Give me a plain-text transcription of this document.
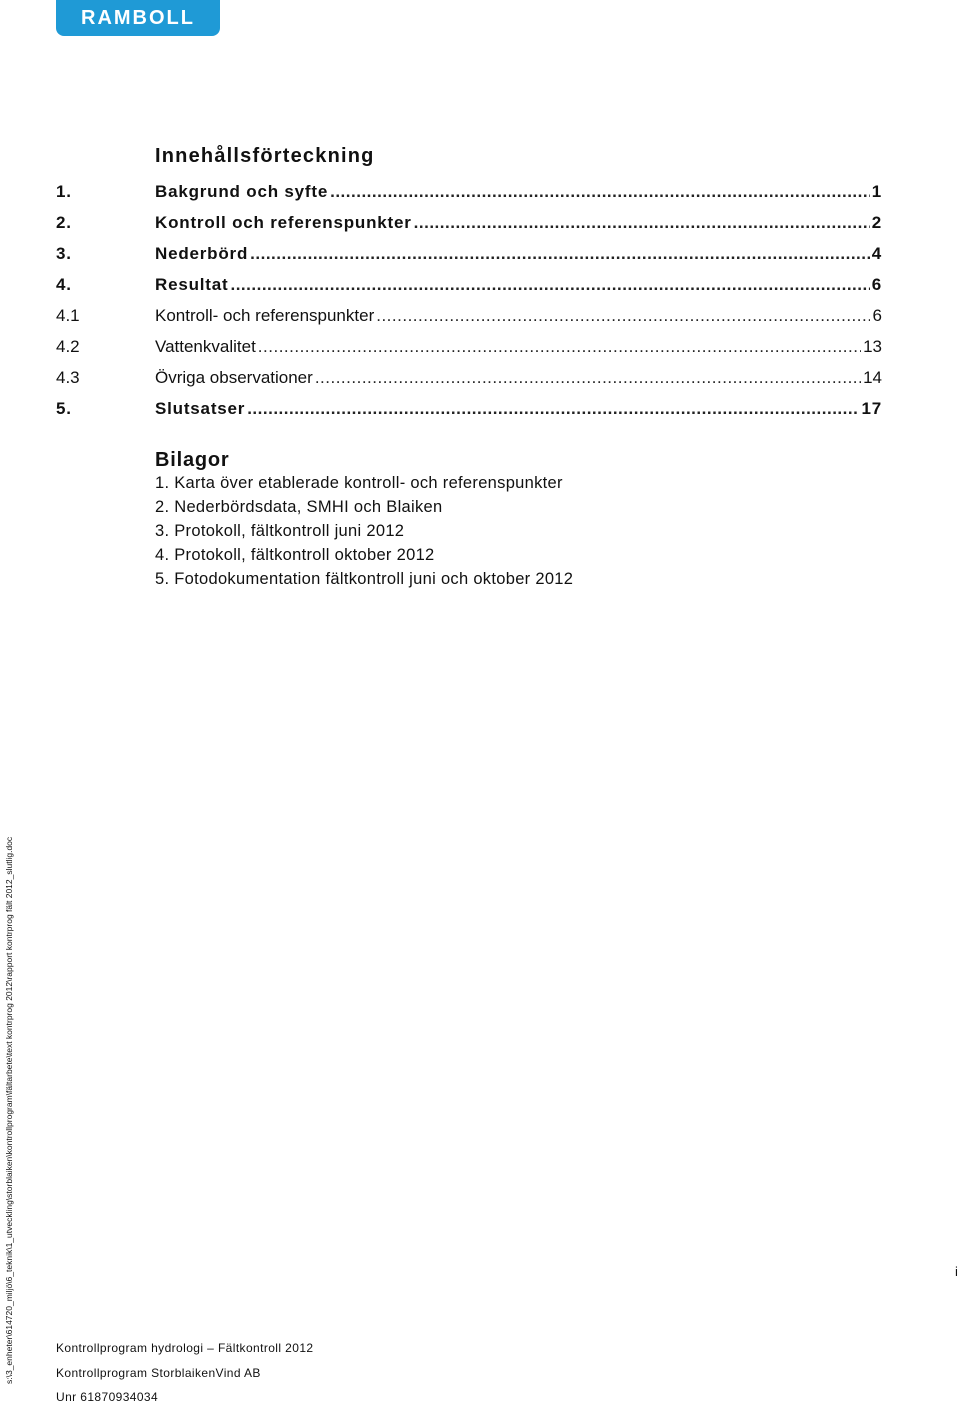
RAMBOLL
Innehållsförteckning
1.	Bakgrund och syfte .....	1
2.	Kontroll och referenspunkter .....	2
3.	Nederbörd .....	4
4.	Resultat .....	6
4.1	Kontroll- och referenspunkter .....	6
4.2	Vattenkvalitet .....	13
4.3	Övriga observationer .....	14
5.	Slutsatser .....	17
Bilagor
1. Karta över etablerade kontroll- och referenspunkter
2. Nederbördsdata, SMHI och Blaiken
3. Protokoll, fältkontroll juni 2012
4. Protokoll, fältkontroll oktober 2012
5. Fotodokumentation fältkontroll juni och oktober 2012
s:\3_enheter\614720_miljö\6_teknik\1_utveckling\storblaiken\kontrollprogram\fältarbete\text kontrprog 2012\rapport kontrprog fält 2012_slutlig.doc	i
Kontrollprogram hydrologi – Fältkontroll 2012
Kontrollprogram StorblaikenVind AB
Unr 61870934034
